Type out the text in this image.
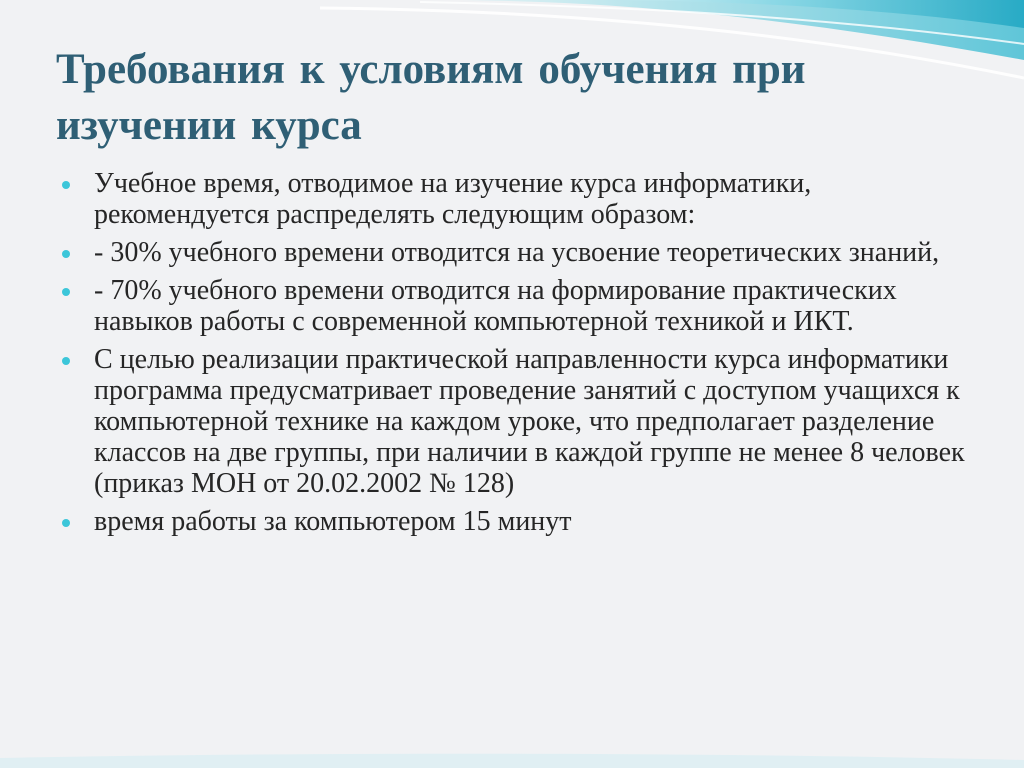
Требования к условиям обучения при изучении курса
Учебное время, отводимое на изучение курса информатики, рекомендуется распределять следующим образом:
- 30% учебного времени отводится на усвоение теоретических знаний,
- 70% учебного времени отводится на формирование практических навыков работы с современной компьютерной техникой и ИКТ.
С целью реализации практической направленности курса информатики программа предусматривает проведение занятий с доступом учащихся к компьютерной технике на каждом уроке, что предполагает разделение классов на две группы, при наличии в каждой группе не менее 8 человек (приказ МОН от 20.02.2002 № 128)
время работы за компьютером 15 минут
